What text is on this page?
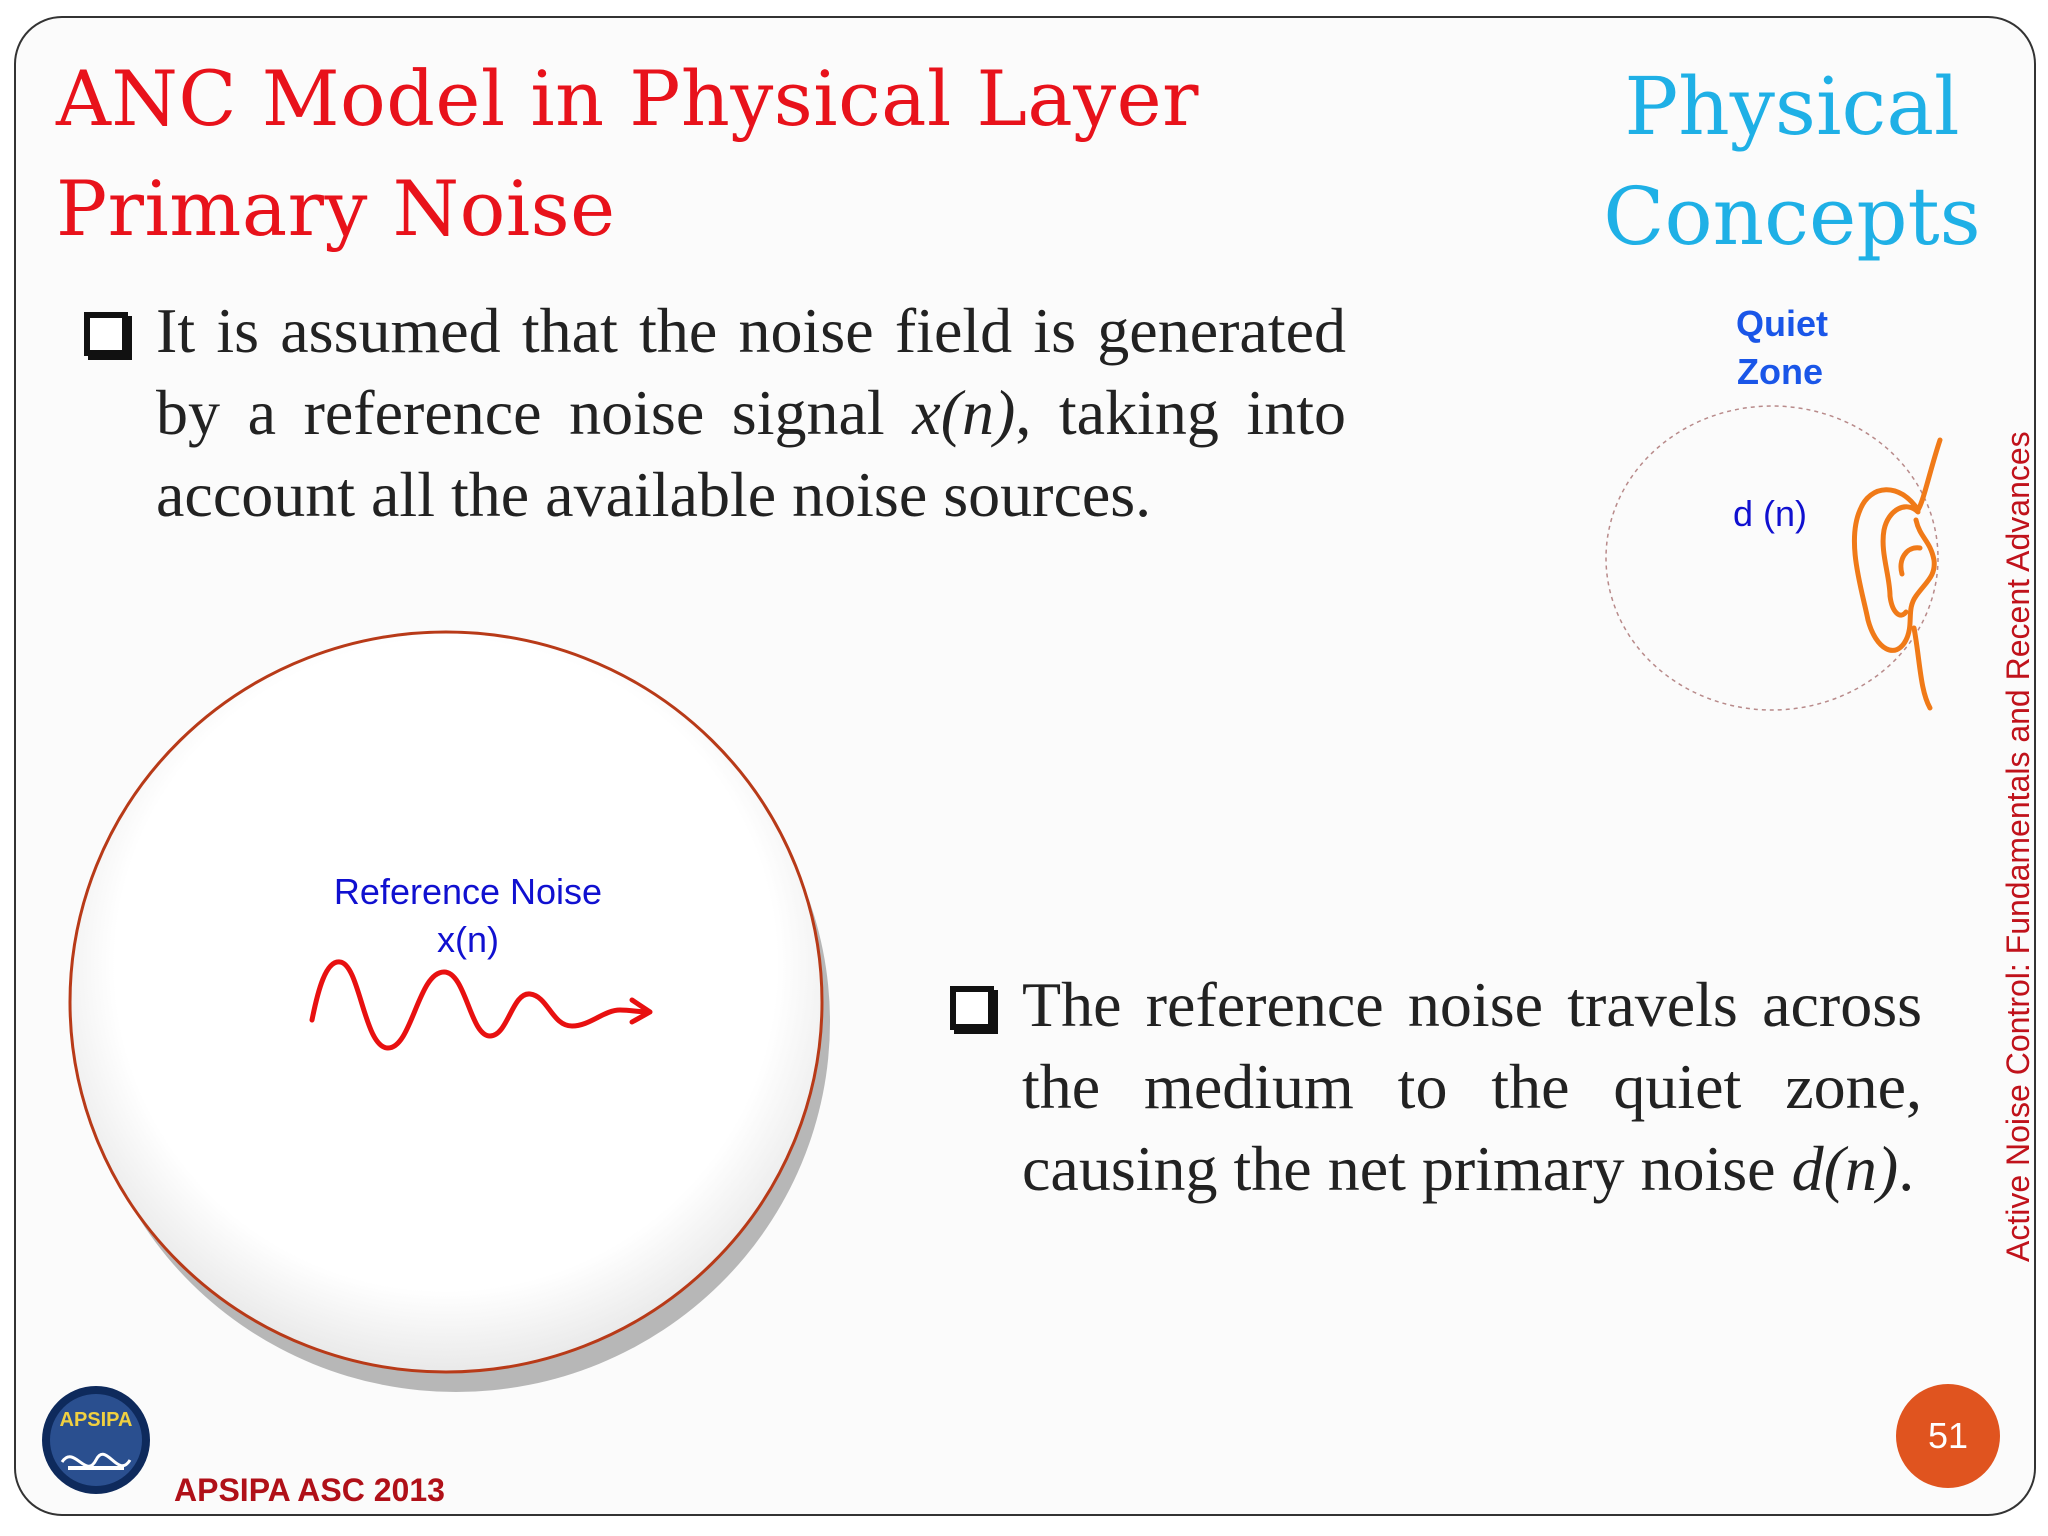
ANC Model in Physical Layer
Primary Noise
Physical
Concepts

It is assumed that the noise field is generated by a reference noise signal x(n), taking into account all the available noise sources.

The reference noise travels across the medium to the quiet zone, causing the net primary noise d(n).

Reference Noise
x(n)
Quiet
Zone
d (n)	Active Noise Control: Fundamentals and Recent Advances
APSIPA
APSIPA ASC 2013
51
